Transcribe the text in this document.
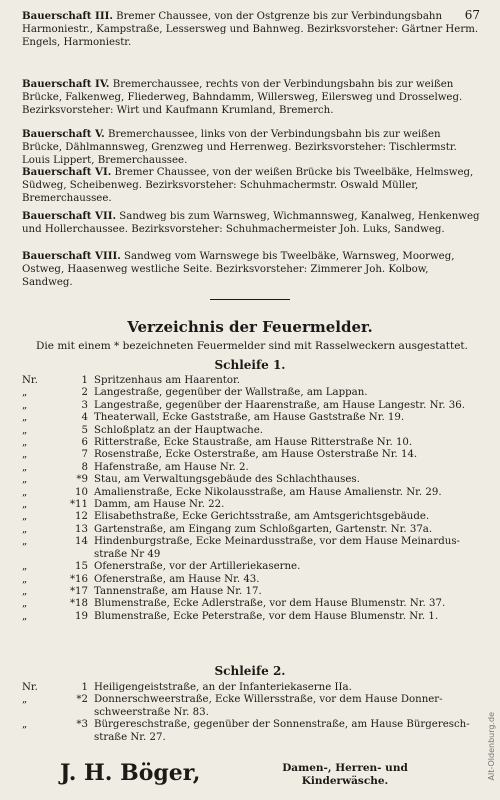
67
Bauerschaft III. Bremer Chaussee, von der Ostgrenze bis zur Verbindungsbahn Harmoniestr., Kampstraße, Lessersweg und Bahnweg. Bezirksvorsteher: Gärtner Herm. Engels, Harmoniestr.
Bauerschaft IV. Bremerchaussee, rechts von der Verbindungsbahn bis zur weißen Brücke, Falkenweg, Fliederweg, Bahndamm, Willersweg, Eilersweg und Drosselweg. Bezirksvorsteher: Wirt und Kaufmann Krumland, Bremerch.
Bauerschaft V. Bremerchaussee, links von der Verbindungsbahn bis zur weißen Brücke, Dählmannsweg, Grenzweg und Herrenweg. Bezirksvorsteher: Tischlermstr. Louis Lippert, Bremerchaussee.
Bauerschaft VI. Bremer Chaussee, von der weißen Brücke bis Tweelbäke, Helmsweg, Südweg, Scheibenweg. Bezirksvorsteher: Schuhmachermstr. Oswald Müller, Bremerchaussee.
Bauerschaft VII. Sandweg bis zum Warnsweg, Wichmannsweg, Kanalweg, Henkenweg und Hollerchaussee. Bezirksvorsteher: Schuhmachermeister Joh. Luks, Sandweg.
Bauerschaft VIII. Sandweg vom Warnswege bis Tweelbäke, Warnsweg, Moorweg, Ostweg, Haasenweg westliche Seite. Bezirksvorsteher: Zimmerer Joh. Kolbow, Sandweg.
Verzeichnis der Feuermelder.
Die mit einem * bezeichneten Feuermelder sind mit Rasselweckern ausgestattet.
Schleife 1.
Nr.	1 Spritzenhaus am Haarentor.
„	2 Langestraße, gegenüber der Wallstraße, am Lappan.
„	3 Langestraße, gegenüber der Haarenstraße, am Hause Langestr. Nr. 36.
„	4 Theaterwall, Ecke Gaststraße, am Hause Gaststraße Nr. 19.
„	5 Schloßplatz an der Hauptwache.
„	6 Ritterstraße, Ecke Staustraße, am Hause Ritterstraße Nr. 10.
„	7 Rosenstraße, Ecke Osterstraße, am Hause Osterstraße Nr. 14.
„	8 Hafenstraße, am Hause Nr. 2.
„	*9 Stau, am Verwaltungsgebäude des Schlachthauses.
„	10 Amalienstraße, Ecke Nikolausstraße, am Hause Amalienstr. Nr. 29.
„	*11 Damm, am Hause Nr. 22.
„	12 Elisabethstraße, Ecke Gerichtsstraße, am Amtsgerichtsgebäude.
„	13 Gartenstraße, am Eingang zum Schloßgarten, Gartenstr. Nr. 37a.
„	14 Hindenburgstraße, Ecke Meinardusstraße, vor dem Hause Meinardus-
straße Nr 49
„	15 Ofenerstraße, vor der Artilleriekaserne.
„	*16 Ofenerstraße, am Hause Nr. 43.
„	*17 Tannenstraße, am Hause Nr. 17.
„	*18 Blumenstraße, Ecke Adlerstraße, vor dem Hause Blumenstr. Nr. 37.
„	19 Blumenstraße, Ecke Peterstraße, vor dem Hause Blumenstr. Nr. 1.
Schleife 2.
Nr.	1 Heiligengeiststraße, an der Infanteriekaserne IIa.
„	*2 Donnerschweerstraße, Ecke Willersstraße, vor dem Hause Donner-
schweerstraße Nr. 83.
„	*3 Bürgereschstraße, gegenüber der Sonnenstraße, am Hause Bürgeresch-
straße Nr. 27.
J. H. Böger,	Damen-, Herren- und
Kinderwäsche.
Alt-Oldenburg.de
